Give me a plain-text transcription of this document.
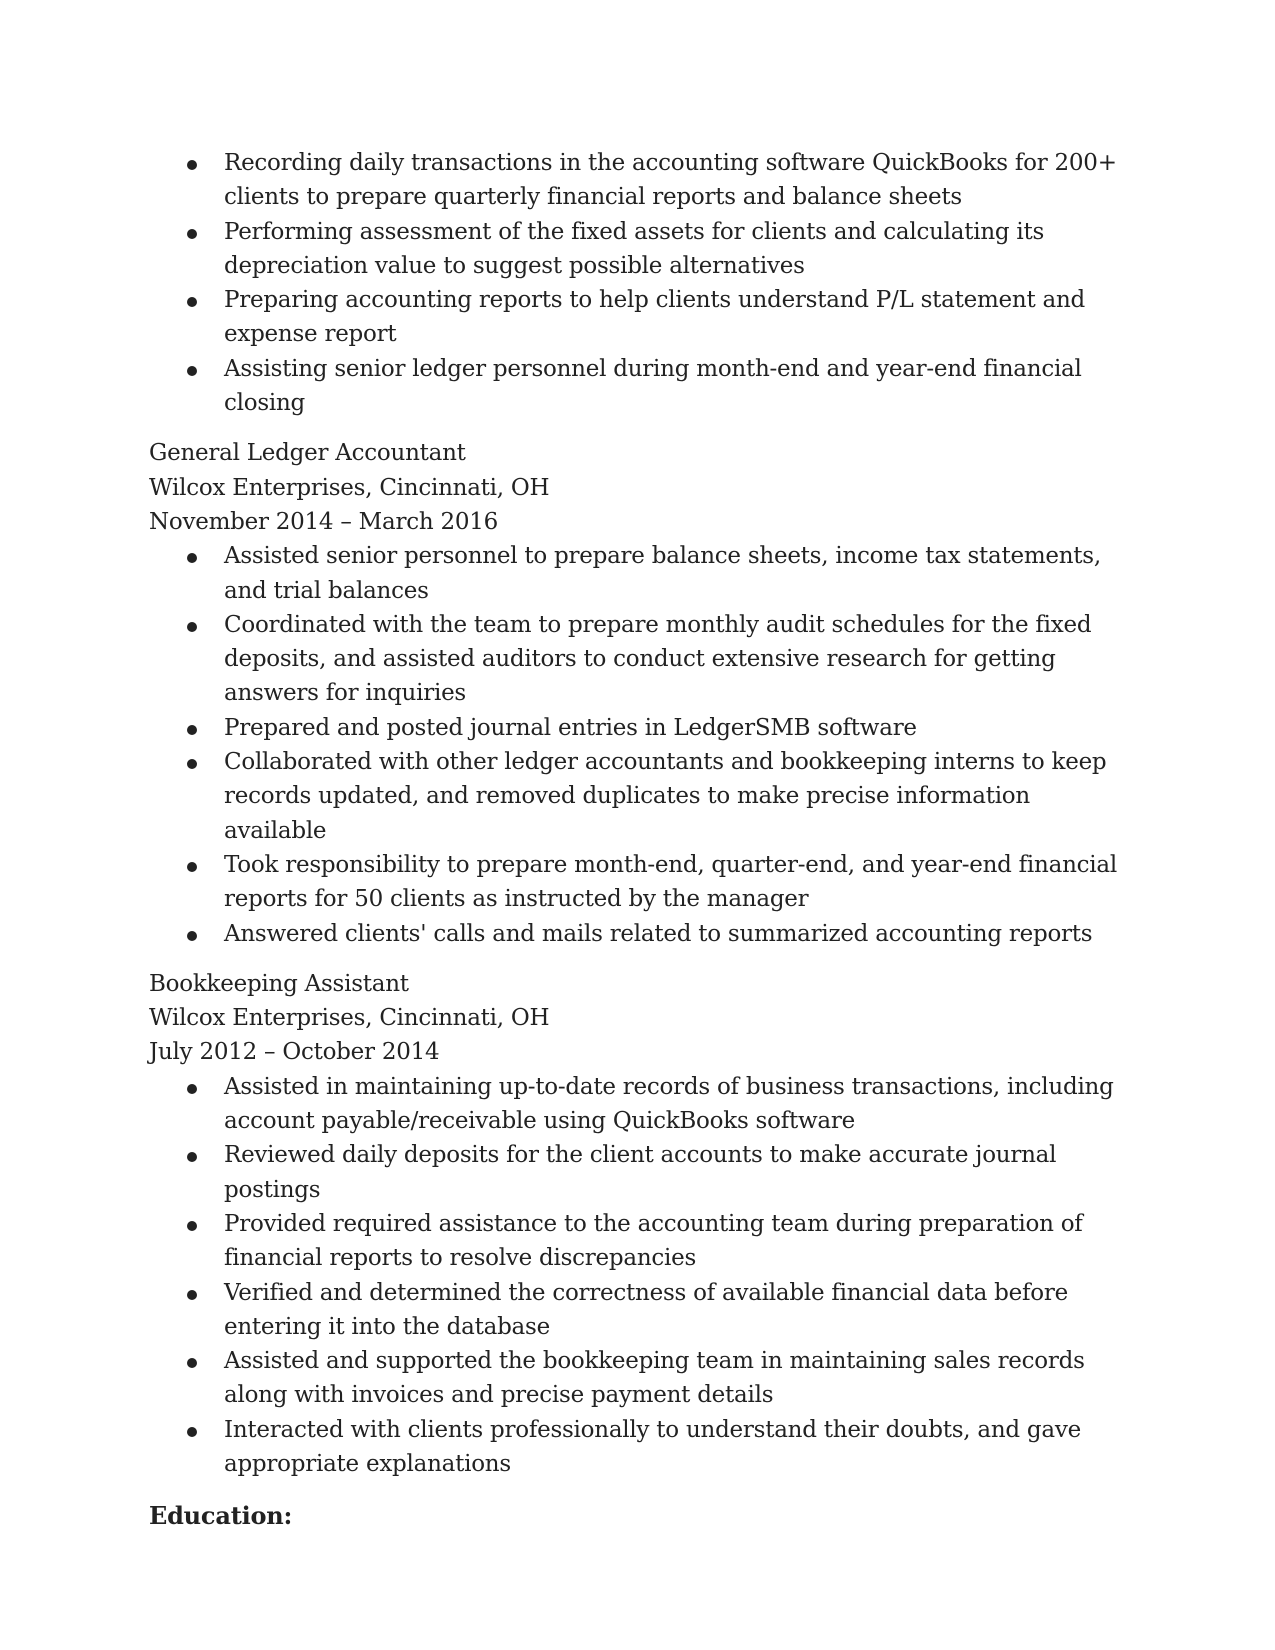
Recording daily transactions in the accounting software QuickBooks for 200+ clients to prepare quarterly financial reports and balance sheets
Performing assessment of the fixed assets for clients and calculating its depreciation value to suggest possible alternatives
Preparing accounting reports to help clients understand P/L statement and expense report
Assisting senior ledger personnel during month-end and year-end financial closing
General Ledger Accountant
Wilcox Enterprises, Cincinnati, OH
November 2014 – March 2016
Assisted senior personnel to prepare balance sheets, income tax statements, and trial balances
Coordinated with the team to prepare monthly audit schedules for the fixed deposits, and assisted auditors to conduct extensive research for getting answers for inquiries
Prepared and posted journal entries in LedgerSMB software
Collaborated with other ledger accountants and bookkeeping interns to keep records updated, and removed duplicates to make precise information available
Took responsibility to prepare month-end, quarter-end, and year-end financial reports for 50 clients as instructed by the manager
Answered clients' calls and mails related to summarized accounting reports
Bookkeeping Assistant
Wilcox Enterprises, Cincinnati, OH
July 2012 – October 2014
Assisted in maintaining up-to-date records of business transactions, including account payable/receivable using QuickBooks software
Reviewed daily deposits for the client accounts to make accurate journal postings
Provided required assistance to the accounting team during preparation of financial reports to resolve discrepancies
Verified and determined the correctness of available financial data before entering it into the database
Assisted and supported the bookkeeping team in maintaining sales records along with invoices and precise payment details
Interacted with clients professionally to understand their doubts, and gave appropriate explanations
Education:
